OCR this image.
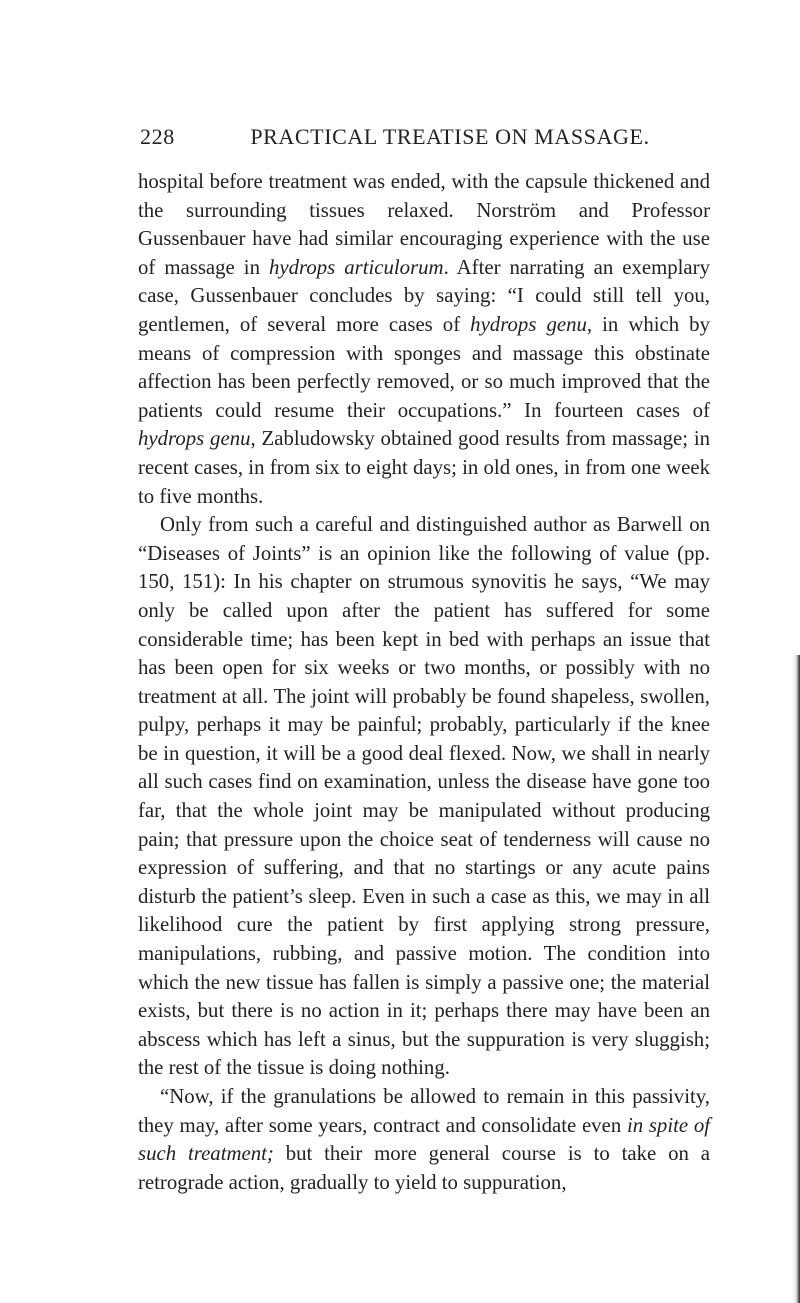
228	PRACTICAL TREATISE ON MASSAGE.

hospital before treatment was ended, with the capsule thickened and the surrounding tissues relaxed. Norström and Professor Gussenbauer have had similar encouraging experience with the use of massage in hydrops articulorum. After narrating an exemplary case, Gussenbauer concludes by saying: “I could still tell you, gentlemen, of several more cases of hydrops genu, in which by means of compression with sponges and massage this obstinate affection has been perfectly removed, or so much improved that the patients could resume their occupations.” In fourteen cases of hydrops genu, Zabludowsky obtained good results from massage; in recent cases, in from six to eight days; in old ones, in from one week to five months.

Only from such a careful and distinguished author as Barwell on “Diseases of Joints” is an opinion like the following of value (pp. 150, 151): In his chapter on strumous synovitis he says, “We may only be called upon after the patient has suffered for some considerable time; has been kept in bed with perhaps an issue that has been open for six weeks or two months, or possibly with no treatment at all. The joint will probably be found shapeless, swollen, pulpy, perhaps it may be painful; probably, particularly if the knee be in question, it will be a good deal flexed. Now, we shall in nearly all such cases find on examination, unless the disease have gone too far, that the whole joint may be manipulated without producing pain; that pressure upon the choice seat of tenderness will cause no expression of suffering, and that no startings or any acute pains disturb the patient’s sleep. Even in such a case as this, we may in all likelihood cure the patient by first applying strong pressure, manipulations, rubbing, and passive motion. The condition into which the new tissue has fallen is simply a passive one; the material exists, but there is no action in it; perhaps there may have been an abscess which has left a sinus, but the suppuration is very sluggish; the rest of the tissue is doing nothing.

“Now, if the granulations be allowed to remain in this passivity, they may, after some years, contract and consolidate even in spite of such treatment; but their more general course is to take on a retrograde action, gradually to yield to suppuration,
